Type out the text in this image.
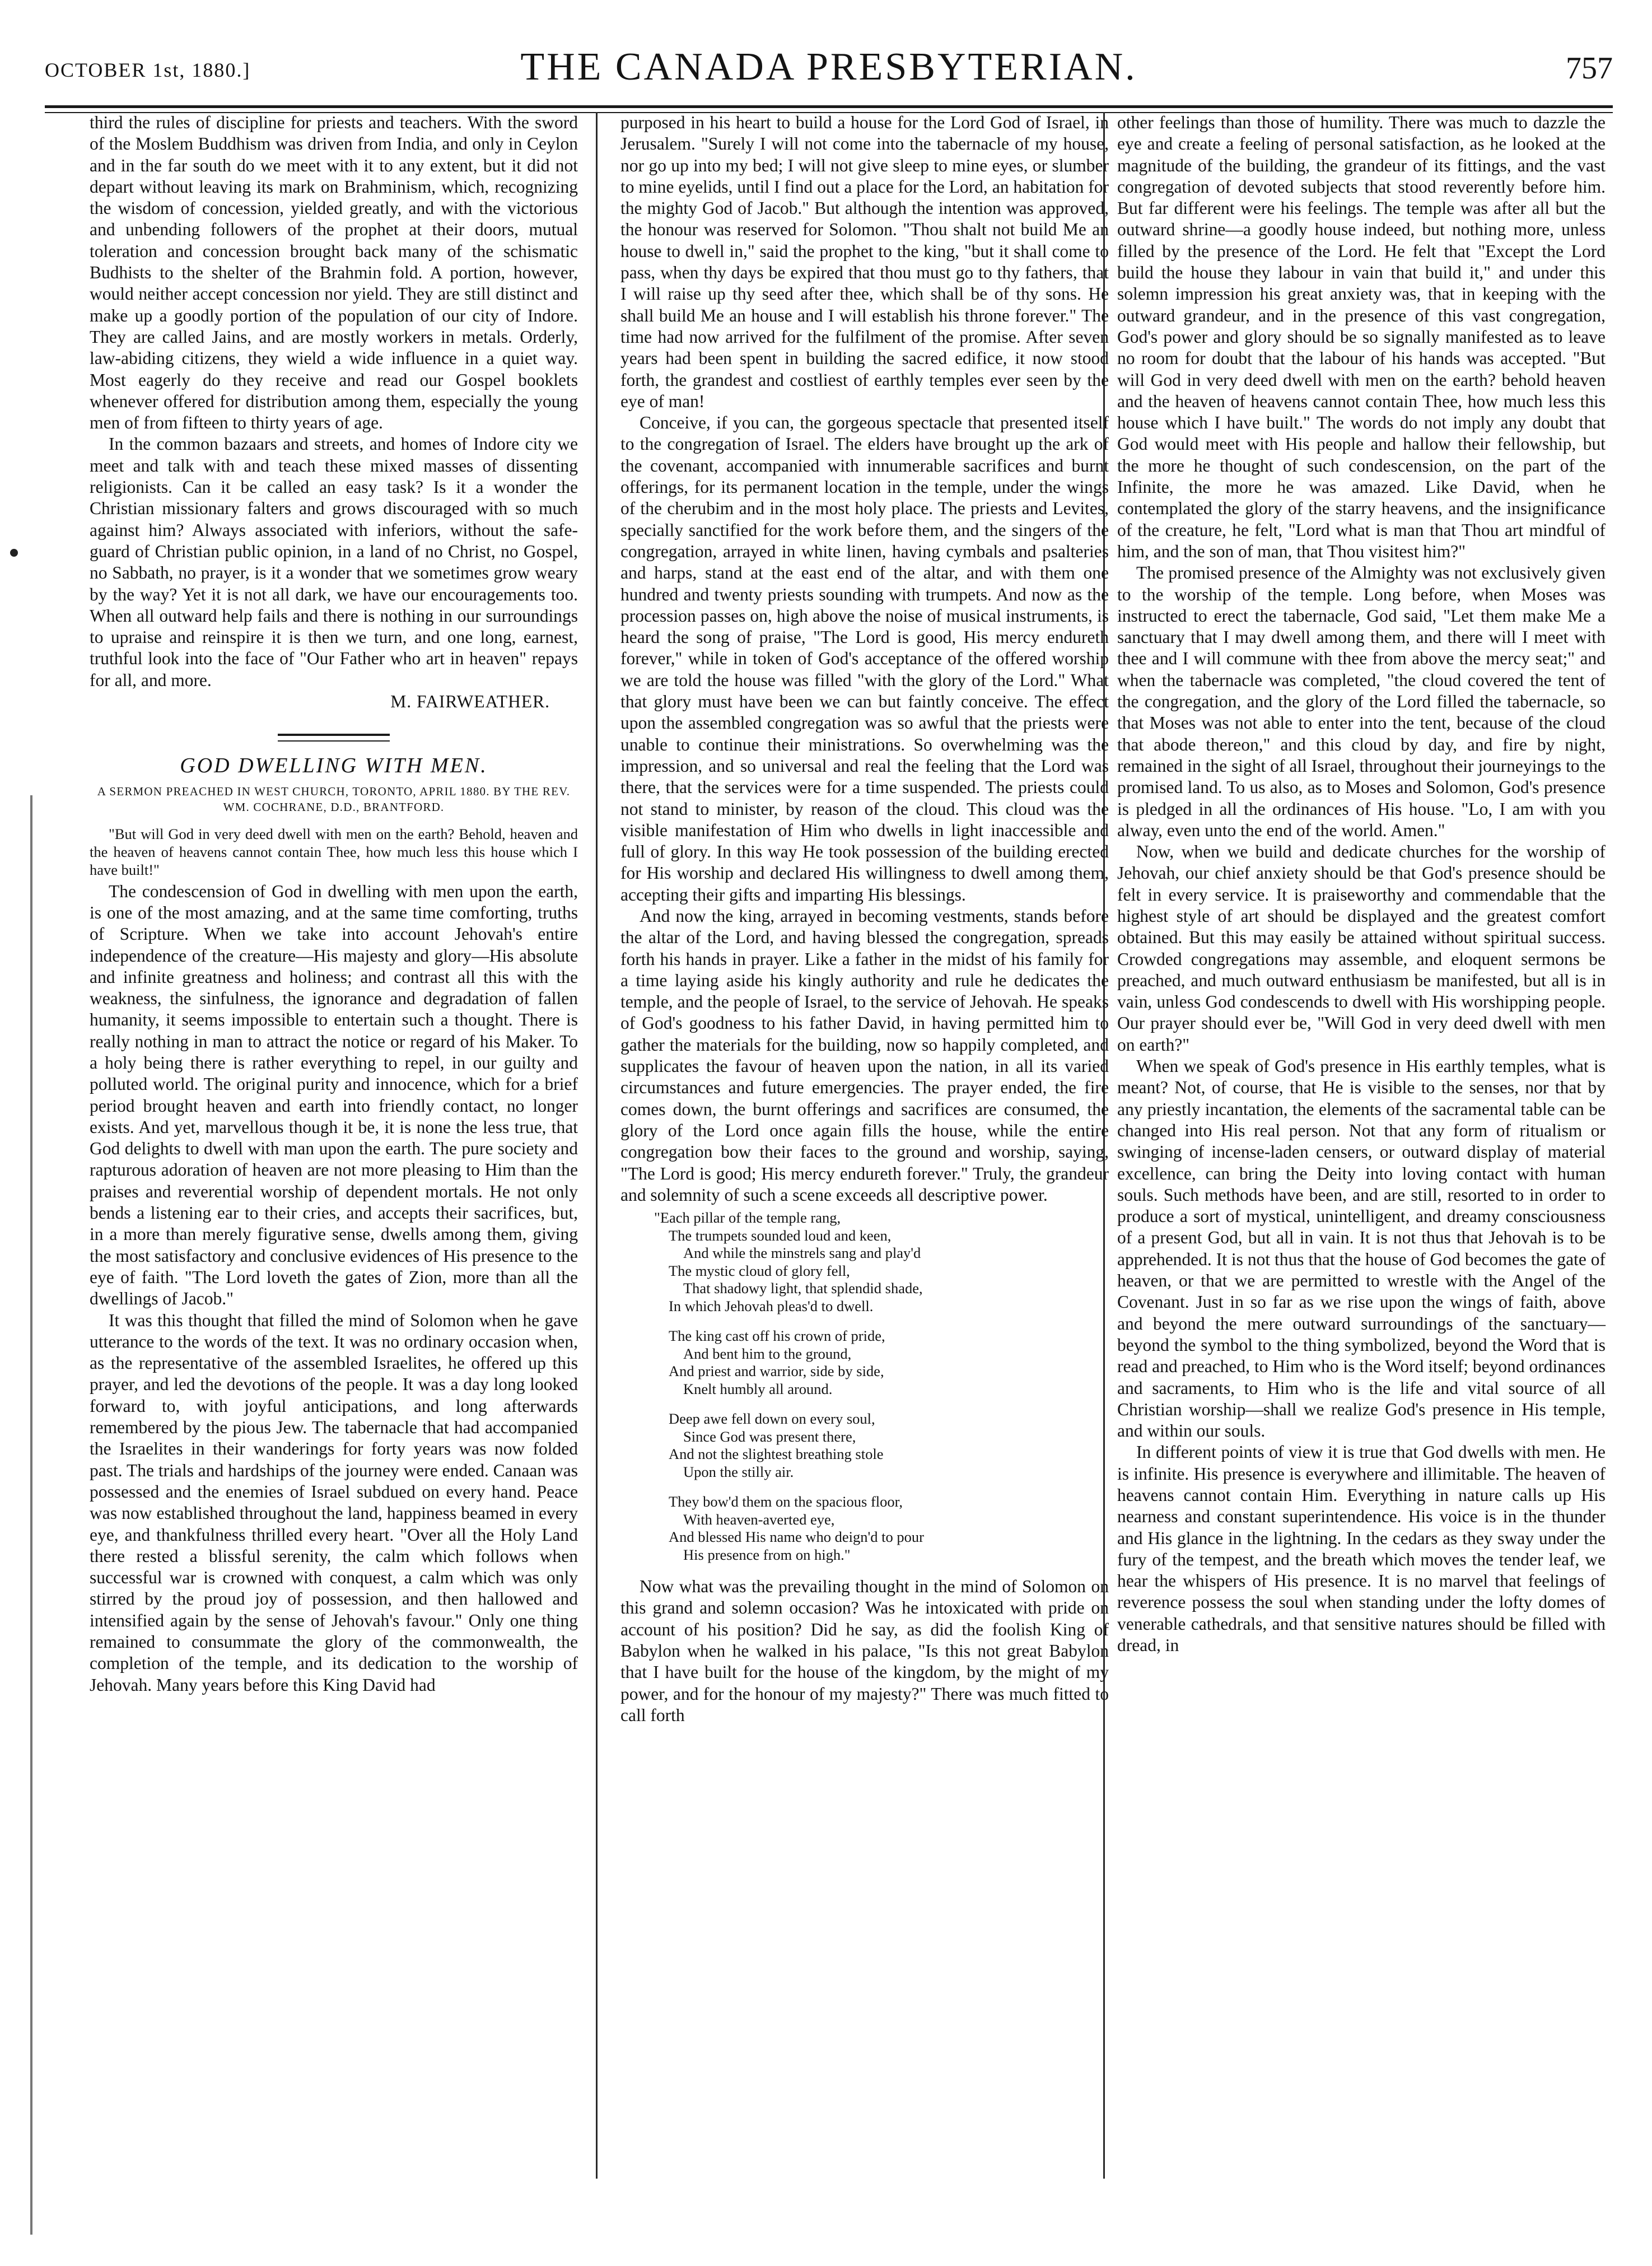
OCTOBER 1st, 1880.]	THE CANADA PRESBYTERIAN.	757

third the rules of discipline for priests and teachers. With the sword of the Moslem Buddhism was driven from India, and only in Ceylon and in the far south do we meet with it to any extent, but it did not depart without leaving its mark on Brahminism, which, recognizing the wisdom of concession, yielded greatly, and with the victorious and unbending followers of the prophet at their doors, mutual toleration and concession brought back many of the schismatic Budhists to the shelter of the Brahmin fold. A portion, however, would neither accept concession nor yield. They are still distinct and make up a goodly portion of the population of our city of Indore. They are called Jains, and are mostly workers in metals. Orderly, law-abiding citizens, they wield a wide influence in a quiet way. Most eagerly do they receive and read our Gospel booklets whenever offered for distribution among them, especially the young men of from fifteen to thirty years of age.

In the common bazaars and streets, and homes of Indore city we meet and talk with and teach these mixed masses of dissenting religionists. Can it be called an easy task? Is it a wonder the Christian missionary falters and grows discouraged with so much against him? Always associated with inferiors, without the safe-guard of Christian public opinion, in a land of no Christ, no Gospel, no Sabbath, no prayer, is it a wonder that we sometimes grow weary by the way? Yet it is not all dark, we have our encouragements too. When all outward help fails and there is nothing in our surroundings to upraise and reinspire it is then we turn, and one long, earnest, truthful look into the face of "Our Father who art in heaven" repays for all, and more.

M. FAIRWEATHER.
GOD DWELLING WITH MEN.
A SERMON PREACHED IN WEST CHURCH, TORONTO, APRIL 1880. BY THE REV. WM. COCHRANE, D.D., BRANTFORD.

"But will God in very deed dwell with men on the earth? Behold, heaven and the heaven of heavens cannot contain Thee, how much less this house which I have built!"

The condescension of God in dwelling with men upon the earth, is one of the most amazing, and at the same time comforting, truths of Scripture. When we take into account Jehovah's entire independence of the creature—His majesty and glory—His absolute and infinite greatness and holiness; and contrast all this with the weakness, the sinfulness, the ignorance and degradation of fallen humanity, it seems impossible to entertain such a thought. There is really nothing in man to attract the notice or regard of his Maker. To a holy being there is rather everything to repel, in our guilty and polluted world. The original purity and innocence, which for a brief period brought heaven and earth into friendly contact, no longer exists. And yet, marvellous though it be, it is none the less true, that God delights to dwell with man upon the earth. The pure society and rapturous adoration of heaven are not more pleasing to Him than the praises and reverential worship of dependent mortals. He not only bends a listening ear to their cries, and accepts their sacrifices, but, in a more than merely figurative sense, dwells among them, giving the most satisfactory and conclusive evidences of His presence to the eye of faith. "The Lord loveth the gates of Zion, more than all the dwellings of Jacob."

It was this thought that filled the mind of Solomon when he gave utterance to the words of the text. It was no ordinary occasion when, as the representative of the assembled Israelites, he offered up this prayer, and led the devotions of the people. It was a day long looked forward to, with joyful anticipations, and long afterwards remembered by the pious Jew. The tabernacle that had accompanied the Israelites in their wanderings for forty years was now folded past. The trials and hardships of the journey were ended. Canaan was possessed and the enemies of Israel subdued on every hand. Peace was now established throughout the land, happiness beamed in every eye, and thankfulness thrilled every heart. "Over all the Holy Land there rested a blissful serenity, the calm which follows when successful war is crowned with conquest, a calm which was only stirred by the proud joy of possession, and then hallowed and intensified again by the sense of Jehovah's favour." Only one thing remained to consummate the glory of the commonwealth, the completion of the temple, and its dedication to the worship of Jehovah. Many years before this King David had

purposed in his heart to build a house for the Lord God of Israel, in Jerusalem. "Surely I will not come into the tabernacle of my house, nor go up into my bed; I will not give sleep to mine eyes, or slumber to mine eyelids, until I find out a place for the Lord, an habitation for the mighty God of Jacob." But although the intention was approved, the honour was reserved for Solomon. "Thou shalt not build Me an house to dwell in," said the prophet to the king, "but it shall come to pass, when thy days be expired that thou must go to thy fathers, that I will raise up thy seed after thee, which shall be of thy sons. He shall build Me an house and I will establish his throne forever." The time had now arrived for the fulfilment of the promise. After seven years had been spent in building the sacred edifice, it now stood forth, the grandest and costliest of earthly temples ever seen by the eye of man!

Conceive, if you can, the gorgeous spectacle that presented itself to the congregation of Israel. The elders have brought up the ark of the covenant, accompanied with innumerable sacrifices and burnt offerings, for its permanent location in the temple, under the wings of the cherubim and in the most holy place. The priests and Levites, specially sanctified for the work before them, and the singers of the congregation, arrayed in white linen, having cymbals and psalteries and harps, stand at the east end of the altar, and with them one hundred and twenty priests sounding with trumpets. And now as the procession passes on, high above the noise of musical instruments, is heard the song of praise, "The Lord is good, His mercy endureth forever," while in token of God's acceptance of the offered worship we are told the house was filled "with the glory of the Lord." What that glory must have been we can but faintly conceive. The effect upon the assembled congregation was so awful that the priests were unable to continue their ministrations. So overwhelming was the impression, and so universal and real the feeling that the Lord was there, that the services were for a time suspended. The priests could not stand to minister, by reason of the cloud. This cloud was the visible manifestation of Him who dwells in light inaccessible and full of glory. In this way He took possession of the building erected for His worship and declared His willingness to dwell among them, accepting their gifts and imparting His blessings.

And now the king, arrayed in becoming vestments, stands before the altar of the Lord, and having blessed the congregation, spreads forth his hands in prayer. Like a father in the midst of his family for a time laying aside his kingly authority and rule he dedicates the temple, and the people of Israel, to the service of Jehovah. He speaks of God's goodness to his father David, in having permitted him to gather the materials for the building, now so happily completed, and supplicates the favour of heaven upon the nation, in all its varied circumstances and future emergencies. The prayer ended, the fire comes down, the burnt offerings and sacrifices are consumed, the glory of the Lord once again fills the house, while the entire congregation bow their faces to the ground and worship, saying, "The Lord is good; His mercy endureth forever." Truly, the grandeur and solemnity of such a scene exceeds all descriptive power.

"Each pillar of the temple rang,
The trumpets sounded loud and keen,
And while the minstrels sang and play'd
The mystic cloud of glory fell,
That shadowy light, that splendid shade,
In which Jehovah pleas'd to dwell.
The king cast off his crown of pride,
And bent him to the ground,
And priest and warrior, side by side,
Knelt humbly all around.
Deep awe fell down on every soul,
Since God was present there,
And not the slightest breathing stole
Upon the stilly air.
They bow'd them on the spacious floor,
With heaven-averted eye,
And blessed His name who deign'd to pour
His presence from on high."

Now what was the prevailing thought in the mind of Solomon on this grand and solemn occasion? Was he intoxicated with pride on account of his position? Did he say, as did the foolish King of Babylon when he walked in his palace, "Is this not great Babylon that I have built for the house of the kingdom, by the might of my power, and for the honour of my majesty?" There was much fitted to call forth

other feelings than those of humility. There was much to dazzle the eye and create a feeling of personal satisfaction, as he looked at the magnitude of the building, the grandeur of its fittings, and the vast congregation of devoted subjects that stood reverently before him. But far different were his feelings. The temple was after all but the outward shrine—a goodly house indeed, but nothing more, unless filled by the presence of the Lord. He felt that "Except the Lord build the house they labour in vain that build it," and under this solemn impression his great anxiety was, that in keeping with the outward grandeur, and in the presence of this vast congregation, God's power and glory should be so signally manifested as to leave no room for doubt that the labour of his hands was accepted. "But will God in very deed dwell with men on the earth? behold heaven and the heaven of heavens cannot contain Thee, how much less this house which I have built." The words do not imply any doubt that God would meet with His people and hallow their fellowship, but the more he thought of such condescension, on the part of the Infinite, the more he was amazed. Like David, when he contemplated the glory of the starry heavens, and the insignificance of the creature, he felt, "Lord what is man that Thou art mindful of him, and the son of man, that Thou visitest him?"

The promised presence of the Almighty was not exclusively given to the worship of the temple. Long before, when Moses was instructed to erect the tabernacle, God said, "Let them make Me a sanctuary that I may dwell among them, and there will I meet with thee and I will commune with thee from above the mercy seat;" and when the tabernacle was completed, "the cloud covered the tent of the congregation, and the glory of the Lord filled the tabernacle, so that Moses was not able to enter into the tent, because of the cloud that abode thereon," and this cloud by day, and fire by night, remained in the sight of all Israel, throughout their journeyings to the promised land. To us also, as to Moses and Solomon, God's presence is pledged in all the ordinances of His house. "Lo, I am with you alway, even unto the end of the world. Amen."

Now, when we build and dedicate churches for the worship of Jehovah, our chief anxiety should be that God's presence should be felt in every service. It is praiseworthy and commendable that the highest style of art should be displayed and the greatest comfort obtained. But this may easily be attained without spiritual success. Crowded congregations may assemble, and eloquent sermons be preached, and much outward enthusiasm be manifested, but all is in vain, unless God condescends to dwell with His worshipping people. Our prayer should ever be, "Will God in very deed dwell with men on earth?"

When we speak of God's presence in His earthly temples, what is meant? Not, of course, that He is visible to the senses, nor that by any priestly incantation, the elements of the sacramental table can be changed into His real person. Not that any form of ritualism or swinging of incense-laden censers, or outward display of material excellence, can bring the Deity into loving contact with human souls. Such methods have been, and are still, resorted to in order to produce a sort of mystical, unintelligent, and dreamy consciousness of a present God, but all in vain. It is not thus that Jehovah is to be apprehended. It is not thus that the house of God becomes the gate of heaven, or that we are permitted to wrestle with the Angel of the Covenant. Just in so far as we rise upon the wings of faith, above and beyond the mere outward surroundings of the sanctuary—beyond the symbol to the thing symbolized, beyond the Word that is read and preached, to Him who is the Word itself; beyond ordinances and sacraments, to Him who is the life and vital source of all Christian worship—shall we realize God's presence in His temple, and within our souls.

In different points of view it is true that God dwells with men. He is infinite. His presence is everywhere and illimitable. The heaven of heavens cannot contain Him. Everything in nature calls up His nearness and constant superintendence. His voice is in the thunder and His glance in the lightning. In the cedars as they sway under the fury of the tempest, and the breath which moves the tender leaf, we hear the whispers of His presence. It is no marvel that feelings of reverence possess the soul when standing under the lofty domes of venerable cathedrals, and that sensitive natures should be filled with dread, in
